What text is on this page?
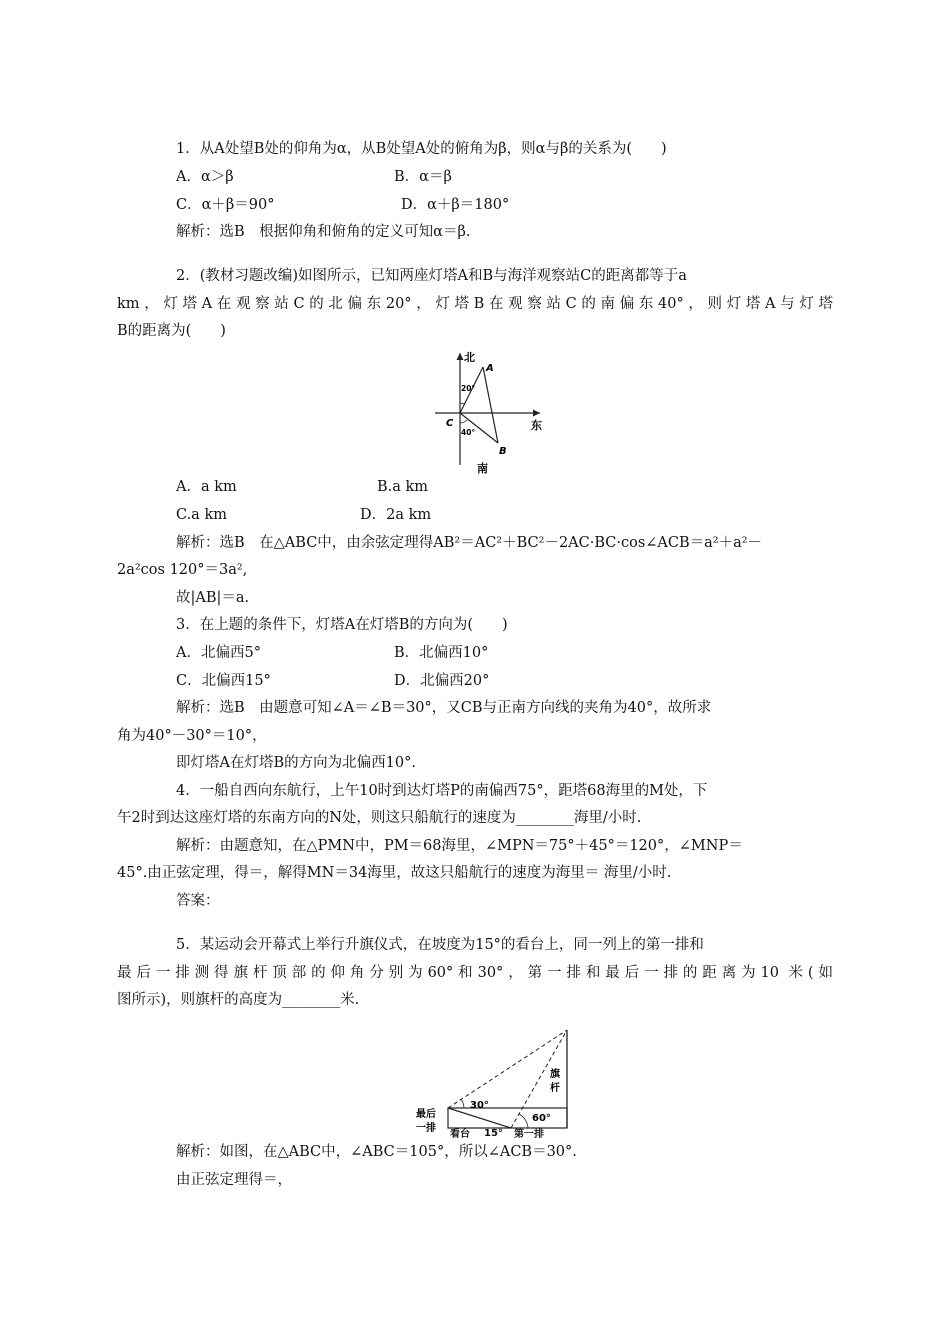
1．从A处望B处的仰角为α，从B处望A处的俯角为β，则α与β的关系为(　　)
A．α＞β	B．α＝β
C．α＋β＝90°	D．α＋β＝180°
解析：选B　根据仰角和俯角的定义可知α＝β.
2．(教材习题改编)如图所示，已知两座灯塔A和B与海洋观察站C的距离都等于a
km，灯塔A在观察站C的北偏东20°，灯塔B在观察站C的南偏东40°，则灯塔A与灯塔
B的距离为(　　)
北
A
20°
C
40°
东
B
南
A．a km	B.a km
C.a km	D．2a km
解析：选B　在△ABC中，由余弦定理得AB²＝AC²＋BC²－2AC·BC·cos∠ACB＝a²＋a²－
2a²cos 120°＝3a²,
故|AB|＝a.
3．在上题的条件下，灯塔A在灯塔B的方向为(　　)
A．北偏西5°	B．北偏西10°
C．北偏西15°	D．北偏西20°
解析：选B　由题意可知∠A＝∠B＝30°，又CB与正南方向线的夹角为40°，故所求
角为40°－30°＝10°，
即灯塔A在灯塔B的方向为北偏西10°.
4．一船自西向东航行，上午10时到达灯塔P的南偏西75°，距塔68海里的M处，下
午2时到达这座灯塔的东南方向的N处，则这只船航行的速度为________海里/小时.
解析：由题意知，在△PMN中，PM＝68海里，∠MPN＝75°＋45°＝120°，∠MNP＝
45°.由正弦定理，得＝，解得MN＝34海里，故这只船航行的速度为海里＝ 海里/小时.
答案：
5．某运动会开幕式上举行升旗仪式，在坡度为15°的看台上，同一列上的第一排和
最后一排测得旗杆顶部的仰角分别为60°和30°，第一排和最后一排的距离为10 米(如
图所示)，则旗杆的高度为________米.
最后
一排
30°
旗
杆
60°
看台 15° 第一排
解析：如图，在△ABC中，∠ABC＝105°，所以∠ACB＝30°.
由正弦定理得＝，
